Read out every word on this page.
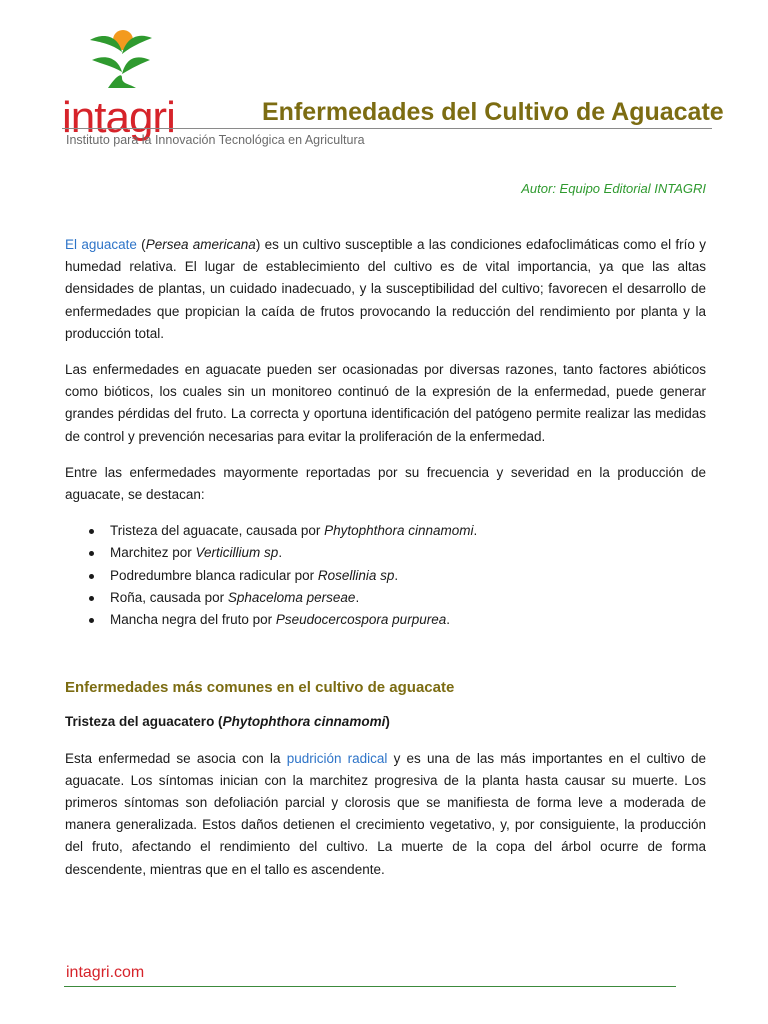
intagri	Enfermedades del Cultivo de Aguacate
Instituto para la Innovación Tecnológica en Agricultura
Autor: Equipo Editorial INTAGRI

El aguacate (Persea americana) es un cultivo susceptible a las condiciones edafoclimáticas como el frío y humedad relativa. El lugar de establecimiento del cultivo es de vital importancia, ya que las altas densidades de plantas, un cuidado inadecuado, y la susceptibilidad del cultivo; favorecen el desarrollo de enfermedades que propician la caída de frutos provocando la reducción del rendimiento por planta y la producción total.

Las enfermedades en aguacate pueden ser ocasionadas por diversas razones, tanto factores abióticos como bióticos, los cuales sin un monitoreo continuó de la expresión de la enfermedad, puede generar grandes pérdidas del fruto. La correcta y oportuna identificación del patógeno permite realizar las medidas de control y prevención necesarias para evitar la proliferación de la enfermedad.

Entre las enfermedades mayormente reportadas por su frecuencia y severidad en la producción de aguacate, se destacan:

Tristeza del aguacate, causada por Phytophthora cinnamomi.
Marchitez por Verticillium sp.
Podredumbre blanca radicular por Rosellinia sp.
Roña, causada por Sphaceloma perseae.
Mancha negra del fruto por Pseudocercospora purpurea.
Enfermedades más comunes en el cultivo de aguacate

Tristeza del aguacatero (Phytophthora cinnamomi)

Esta enfermedad se asocia con la pudrición radical y es una de las más importantes en el cultivo de aguacate. Los síntomas inician con la marchitez progresiva de la planta hasta causar su muerte. Los primeros síntomas son defoliación parcial y clorosis que se manifiesta de forma leve a moderada de manera generalizada. Estos daños detienen el crecimiento vegetativo, y, por consiguiente, la producción del fruto, afectando el rendimiento del cultivo. La muerte de la copa del árbol ocurre de forma descendente, mientras que en el tallo es ascendente.

intagri.com
